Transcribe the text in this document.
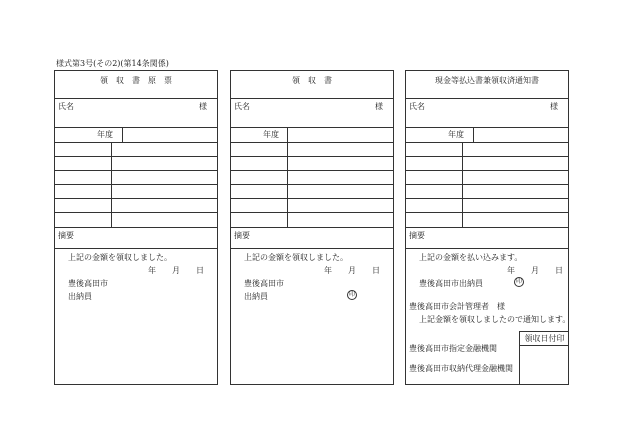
様式第3号(その2)(第14条関係)
領　収　書　原　票
氏名	様
年度
摘要
上記の金額を領収しました。
年　　月　　日
豊後高田市
出納員
領　収　書
氏名	様
年度
摘要
上記の金額を領収しました。
年　　月　　日
豊後高田市
出納員	印
現金等払込書兼領収済通知書
氏名	様
年度
摘要
上記の金額を払い込みます。
年　　月　　日
豊後高田市出納員	印
豊後高田市会計管理者　様
上記金額を領収しましたので通知します。
領収日付印
豊後高田市指定金融機関
豊後高田市収納代理金融機関
